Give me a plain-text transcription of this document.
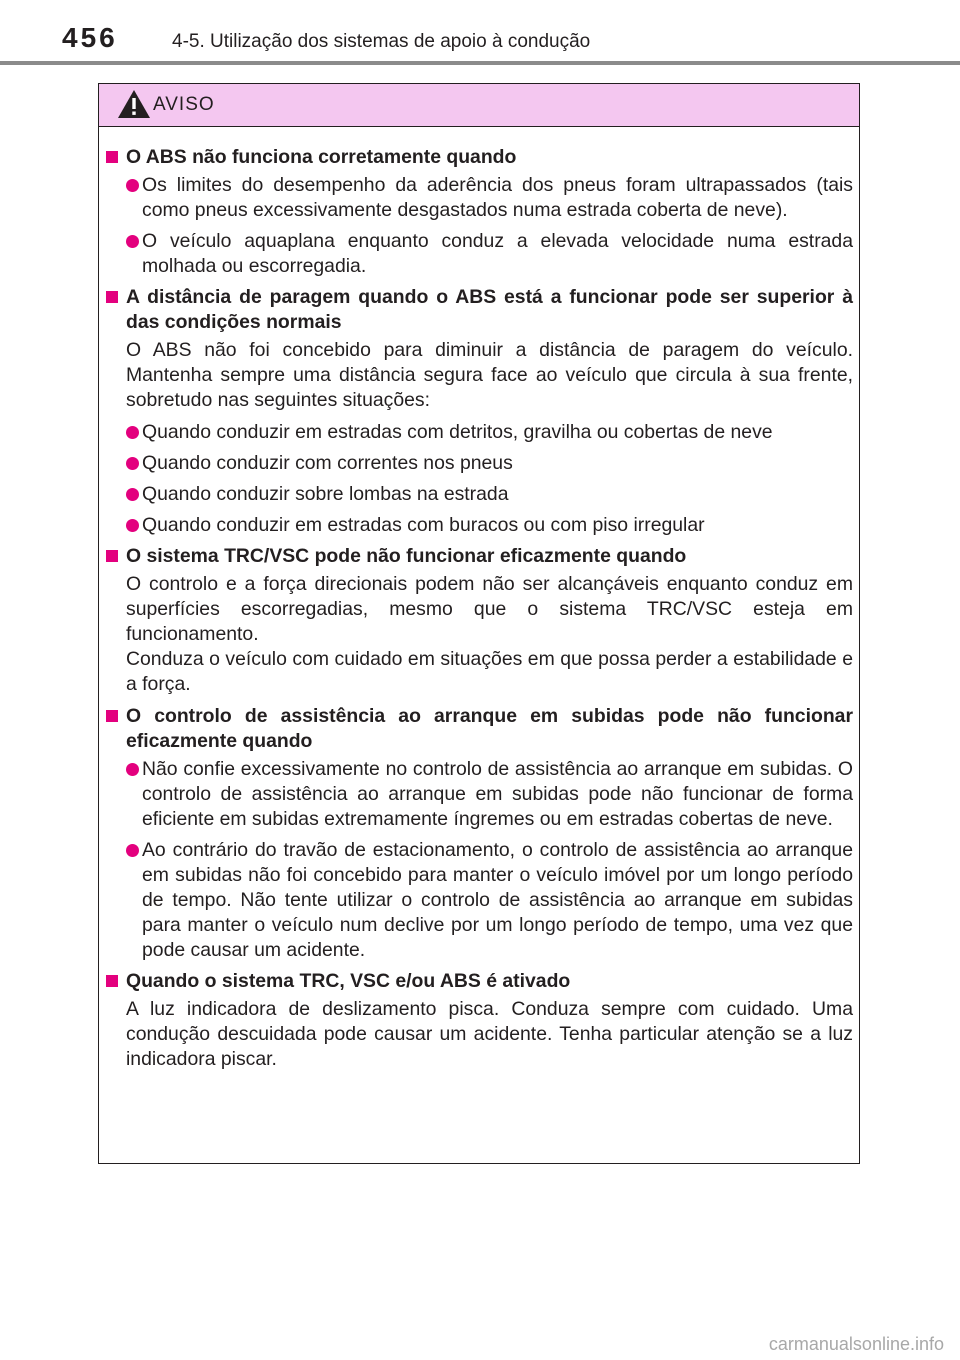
456	4-5. Utilização dos sistemas de apoio à condução
AVISO
O ABS não funciona corretamente quando
Os limites do desempenho da aderência dos pneus foram ultrapassados (tais como pneus excessivamente desgastados numa estrada coberta de neve).
O veículo aquaplana enquanto conduz a elevada velocidade numa estrada molhada ou escorregadia.
A distância de paragem quando o ABS está a funcionar pode ser superior à das condições normais
O ABS não foi concebido para diminuir a distância de paragem do veículo. Mantenha sempre uma distância segura face ao veículo que circula à sua frente, sobretudo nas seguintes situações:
Quando conduzir em estradas com detritos, gravilha ou cobertas de neve
Quando conduzir com correntes nos pneus
Quando conduzir sobre lombas na estrada
Quando conduzir em estradas com buracos ou com piso irregular
O sistema TRC/VSC pode não funcionar eficazmente quando
O controlo e a força direcionais podem não ser alcançáveis enquanto conduz em superfícies escorregadias, mesmo que o sistema TRC/VSC esteja em funcionamento.
Conduza o veículo com cuidado em situações em que possa perder a estabilidade e a força.
O controlo de assistência ao arranque em subidas pode não funcionar eficazmente quando
Não confie excessivamente no controlo de assistência ao arranque em subidas. O controlo de assistência ao arranque em subidas pode não funcionar de forma eficiente em subidas extremamente íngremes ou em estradas cobertas de neve.
Ao contrário do travão de estacionamento, o controlo de assistência ao arranque em subidas não foi concebido para manter o veículo imóvel por um longo período de tempo. Não tente utilizar o controlo de assistência ao arranque em subidas para manter o veículo num declive por um longo período de tempo, uma vez que pode causar um acidente.
Quando o sistema TRC, VSC e/ou ABS é ativado
A luz indicadora de deslizamento pisca. Conduza sempre com cuidado. Uma condução descuidada pode causar um acidente. Tenha particular atenção se a luz indicadora piscar.
carmanualsonline.info
